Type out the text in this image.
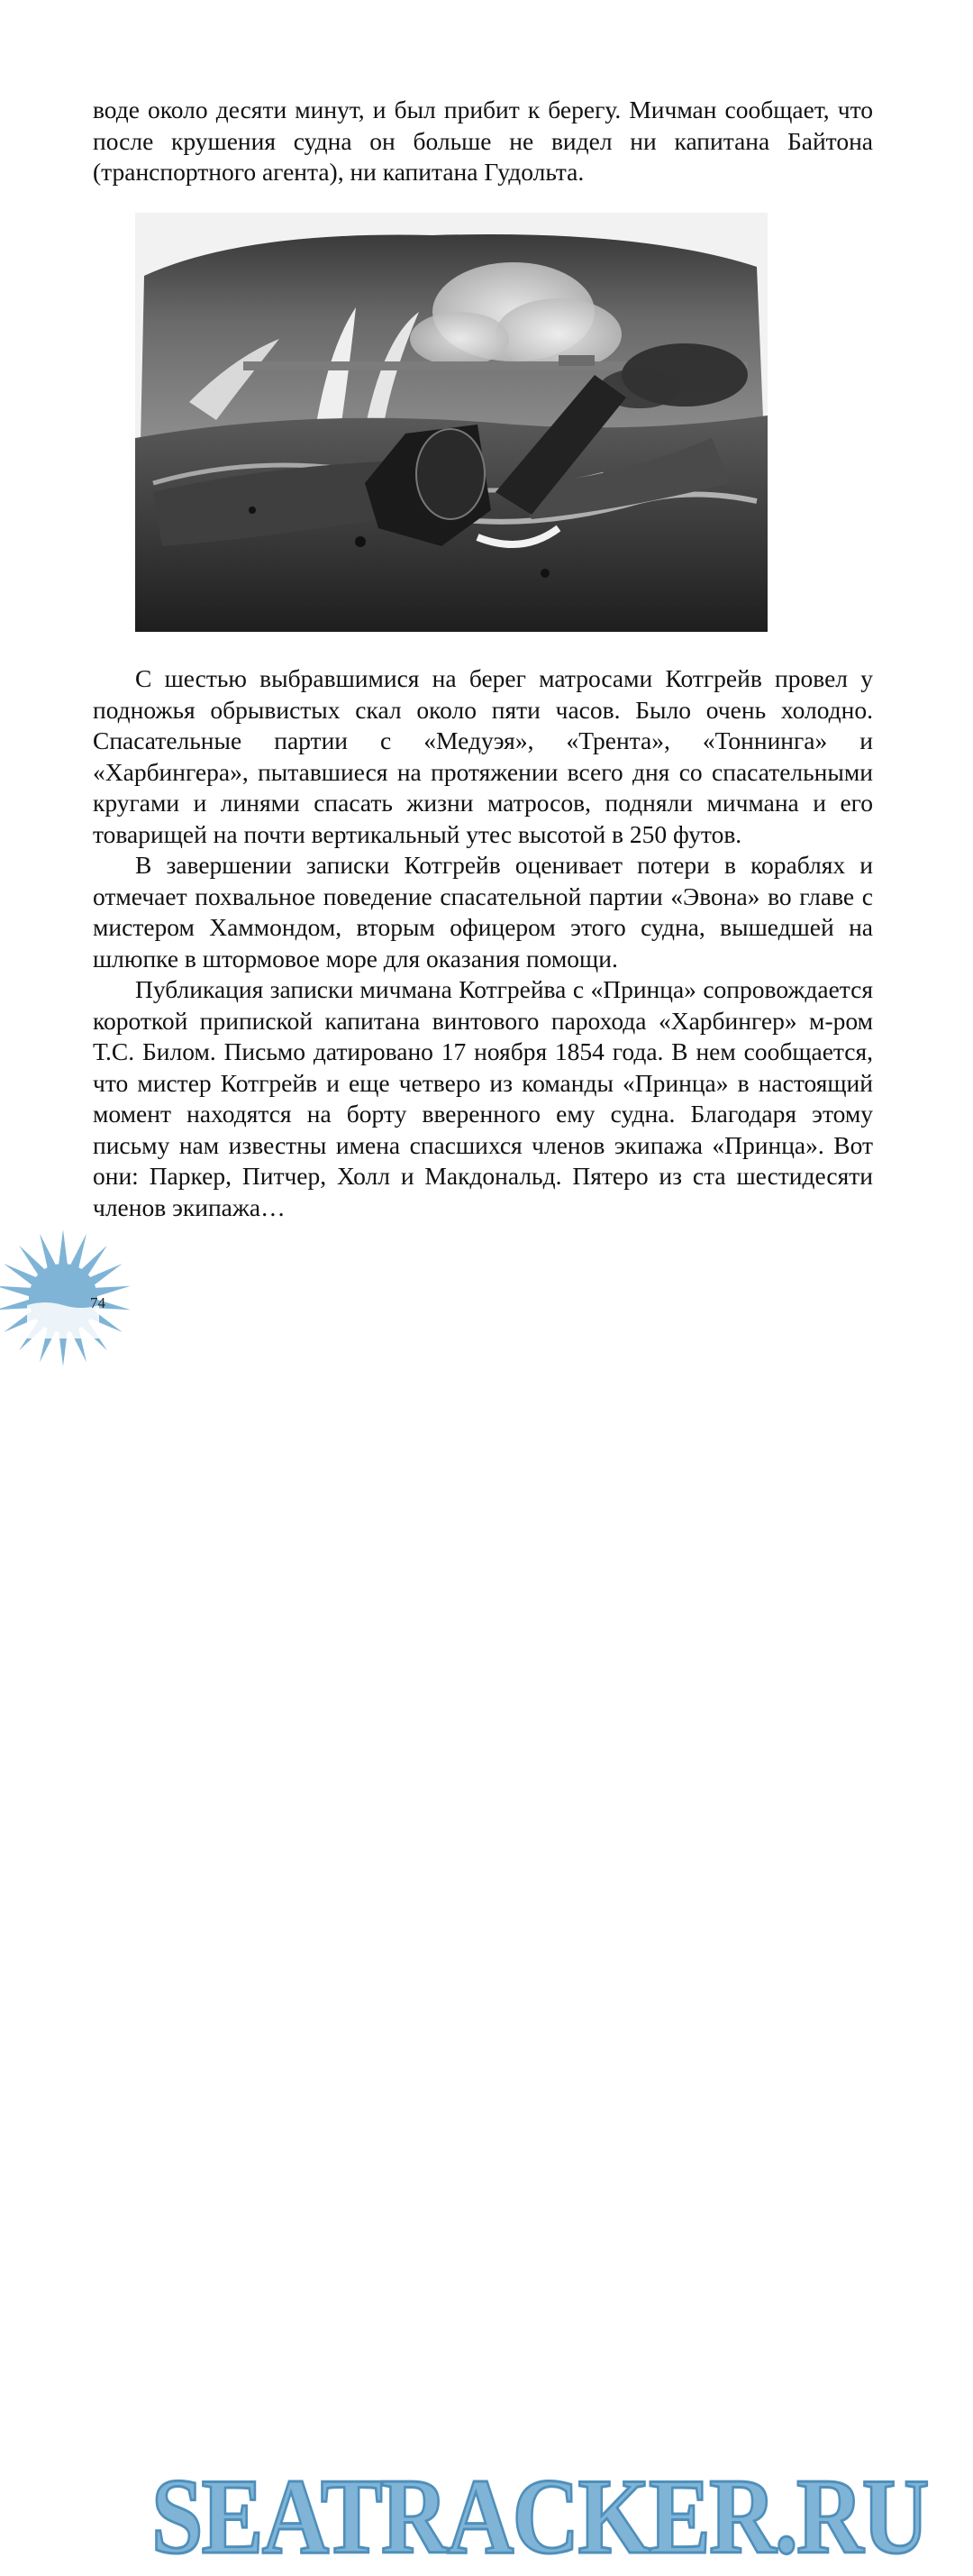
воде около десяти минут, и был прибит к берегу. Мичман сообщает, что после крушения судна он больше не видел ни капитана Байтона (транспортного агента), ни капитана Гудольта.

С шестью выбравшимися на берег матросами Котгрейв провел у подножья обрывистых скал около пяти часов. Было очень холодно. Спасательные партии с «Медуэя», «Трента», «Тоннинга» и «Харбингера», пытавшиеся на протяжении всего дня со спасательными кругами и линями спасать жизни матросов, подняли мичмана и его товарищей на почти вертикальный утес высотой в 250 футов.

В завершении записки Котгрейв оценивает потери в кораблях и отмечает похвальное поведение спасательной партии «Эвона» во главе с мистером Хаммондом, вторым офицером этого судна, вышедшей на шлюпке в штормовое море для оказания помощи.

Публикация записки мичмана Котгрейва с «Принца» сопровождается короткой припиской капитана винтового парохода «Харбингер» м-ром Т.С. Билом. Письмо датировано 17 ноября 1854 года. В нем сообщается, что мистер Котгрейв и еще четверо из команды «Принца» в настоящий момент находятся на борту вверенного ему судна. Благодаря этому письму нам известны имена спасшихся членов экипажа «Принца». Вот они: Паркер, Питчер, Холл и Макдональд. Пятеро из ста шестидесяти членов экипажа…

SEATRACKER.RU
74
